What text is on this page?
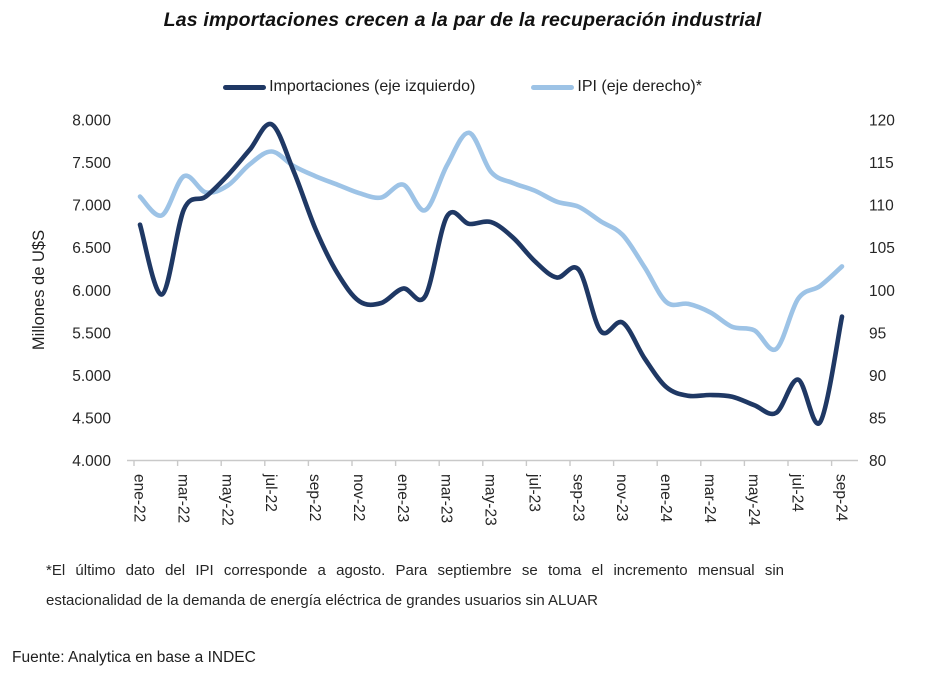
Las importaciones crecen a la par de la recuperación industrial
Importaciones (eje izquierdo)	IPI (eje derecho)*
8.000
7.500
7.000
6.500
6.000
5.500
5.000
4.500
4.000
120
115
110
105
100
95
90
85
80
ene-22 mar-22 may-22 jul-22 sep-22 nov-22 ene-23 mar-23 may-23 jul-23 sep-23 nov-23 ene-24 mar-24 may-24 jul-24 sep-24
Millones de U$S
*El último dato del IPI corresponde a agosto. Para septiembre se toma el incremento mensual sin estacionalidad de la demanda de energía eléctrica de grandes usuarios sin ALUAR
Fuente: Analytica en base a INDEC
